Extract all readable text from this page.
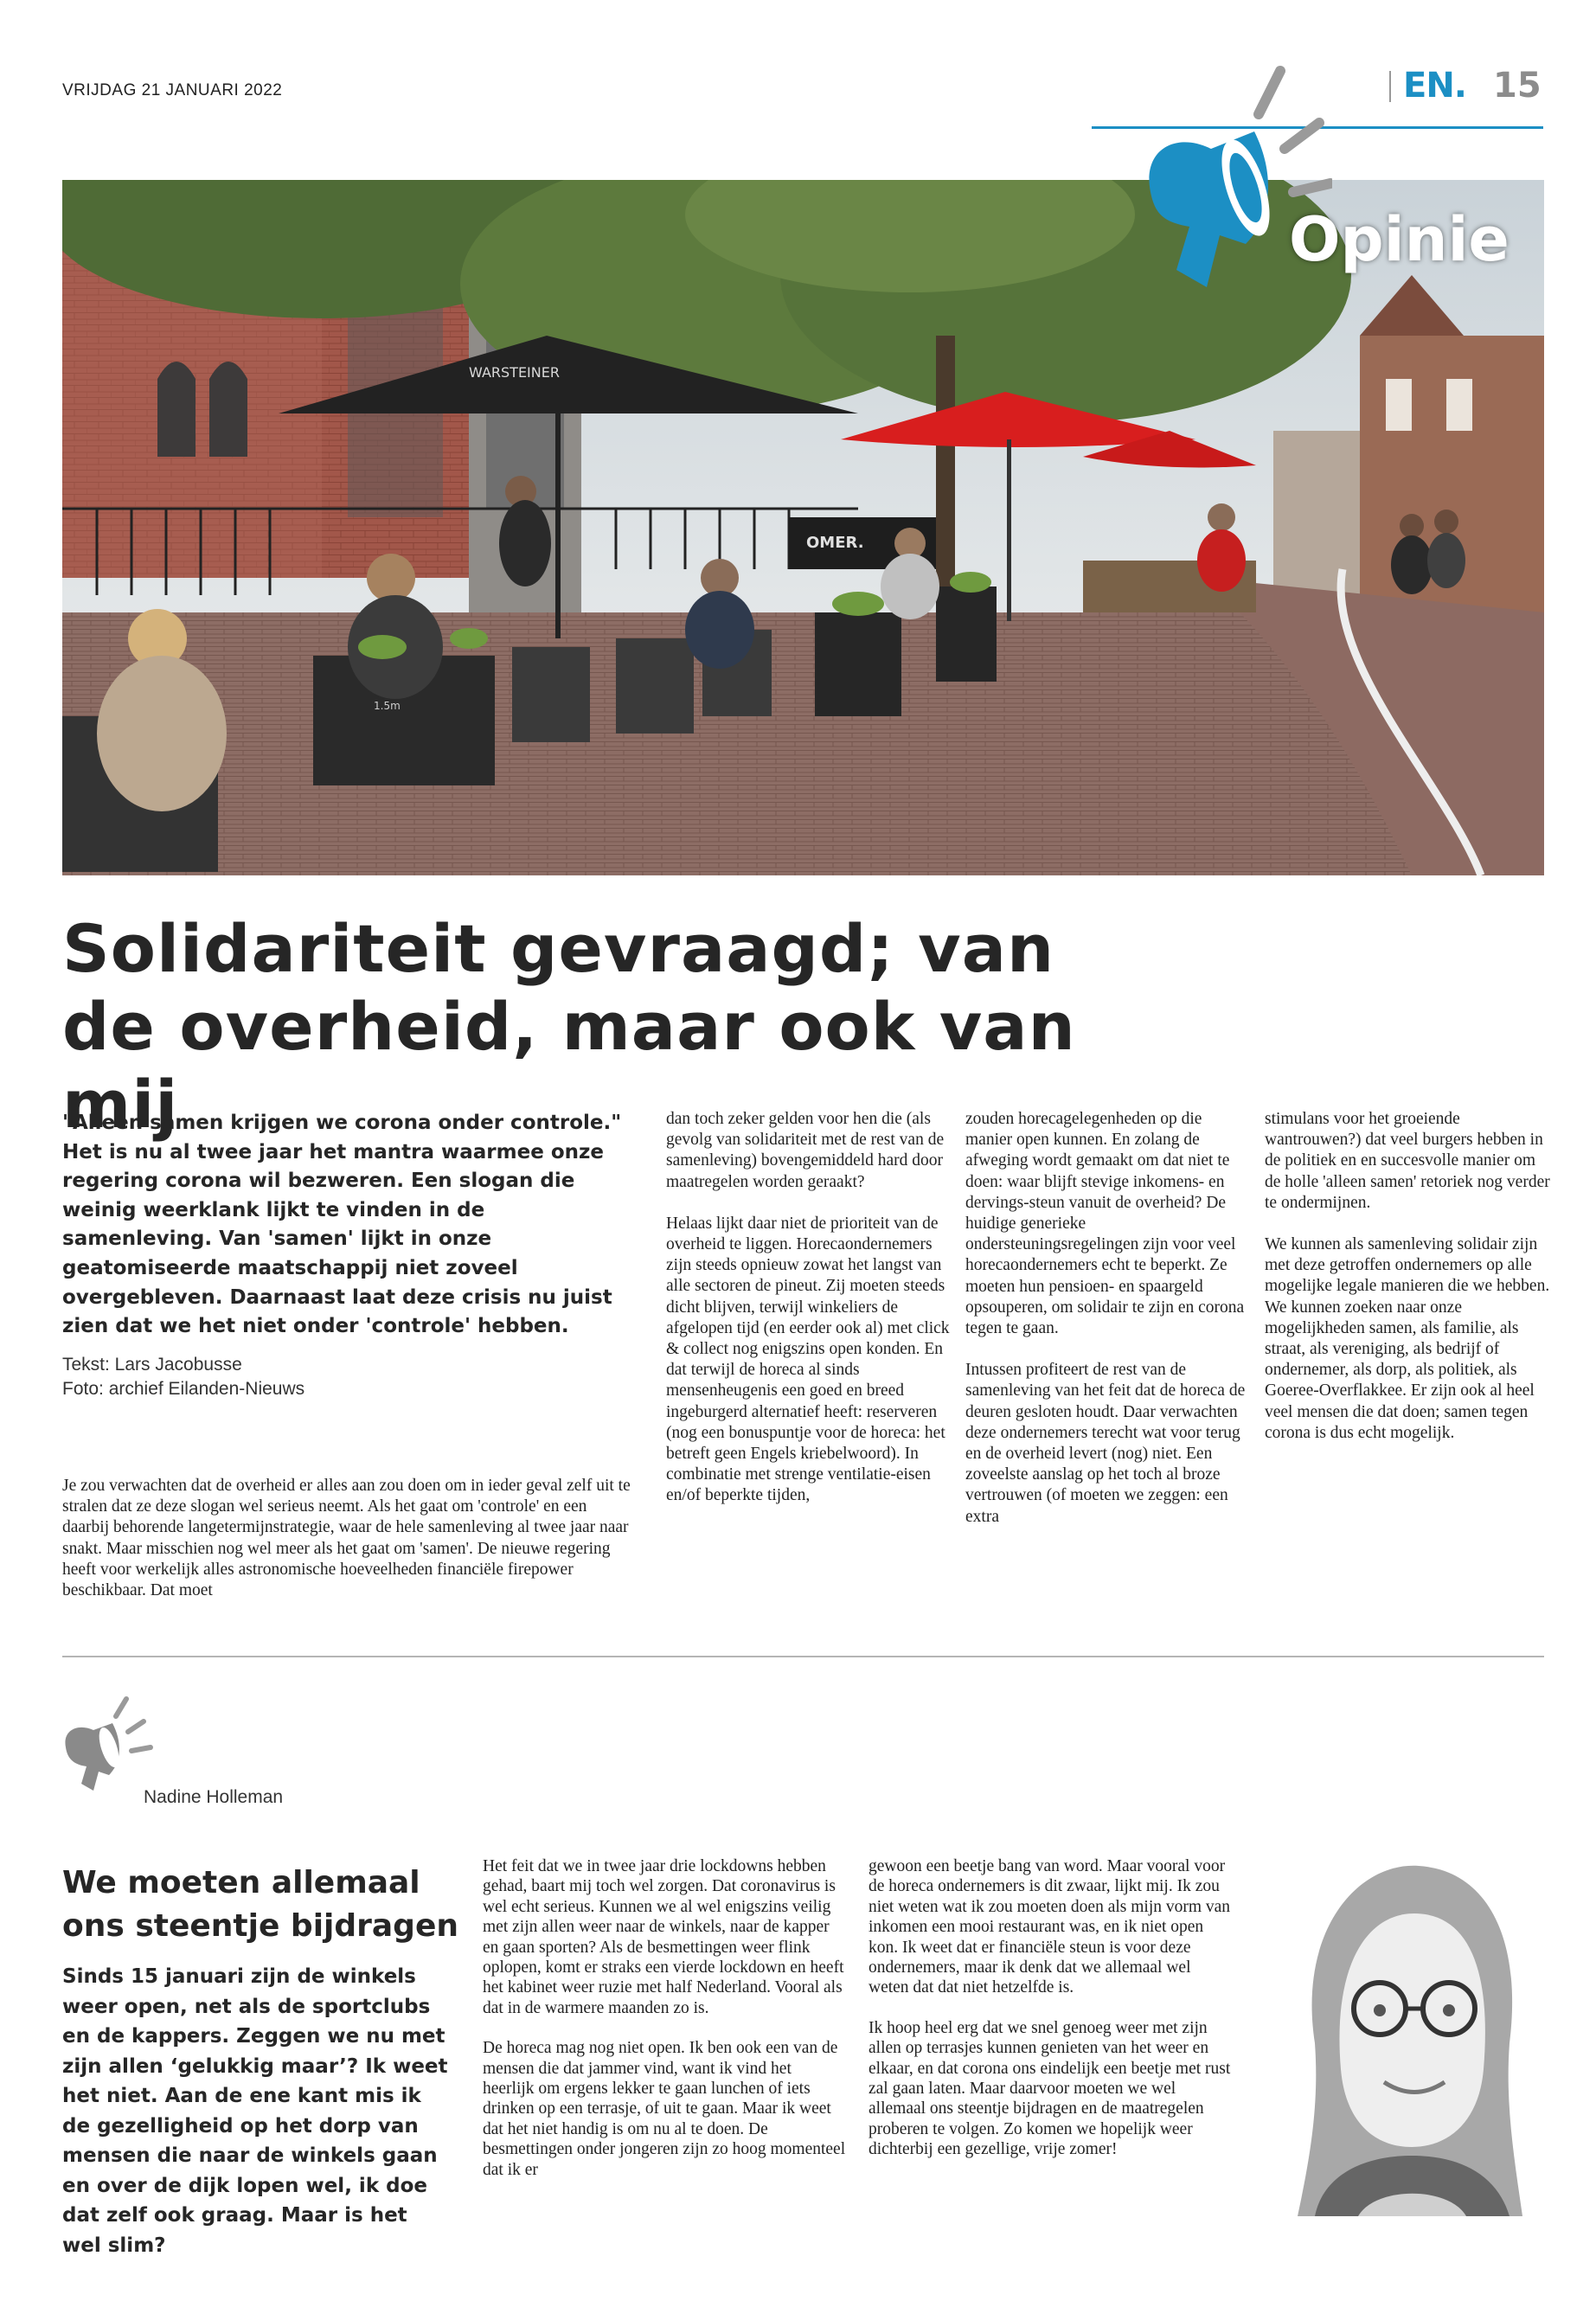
VRIJDAG 21 JANUARI 2022	EN. 15
WARSTEINER
1.5m
OMER.
Opinie
Solidariteit gevraagd; van de overheid, maar ook van mij
"Alleen samen krijgen we corona onder controle." Het is nu al twee jaar het mantra waarmee onze regering corona wil bezweren. Een slogan die weinig weerklank lijkt te vinden in de samenleving. Van 'samen' lijkt in onze geatomiseerde maatschappij niet zoveel overgebleven. Daarnaast laat deze crisis nu juist zien dat we het niet onder 'controle' hebben.
Tekst: Lars Jacobusse
Foto: archief Eilanden-Nieuws

Je zou verwachten dat de overheid er alles aan zou doen om in ieder geval zelf uit te stralen dat ze deze slogan wel serieus neemt. Als het gaat om 'controle' en een daarbij behorende langetermijnstrategie, waar de hele samenleving al twee jaar naar snakt. Maar misschien nog wel meer als het gaat om 'samen'. De nieuwe regering heeft voor werkelijk alles astronomische hoeveelheden financiële firepower beschikbaar. Dat moet

dan toch zeker gelden voor hen die (als gevolg van solidariteit met de rest van de samenleving) bovengemiddeld hard door maatregelen worden geraakt?

Helaas lijkt daar niet de prioriteit van de overheid te liggen. Horecaondernemers zijn steeds opnieuw zowat het langst van alle sectoren de pineut. Zij moeten steeds dicht blijven, terwijl winkeliers de afgelopen tijd (en eerder ook al) met click & collect nog enigszins open konden. En dat terwijl de horeca al sinds mensenheugenis een goed en breed ingeburgerd alternatief heeft: reserveren (nog een bonuspuntje voor de horeca: het betreft geen Engels kriebelwoord). In combinatie met strenge ventilatie-eisen en/of beperkte tijden,

zouden horecagelegenheden op die manier open kunnen. En zolang de afweging wordt gemaakt om dat niet te doen: waar blijft stevige inkomens- en dervings-steun vanuit de overheid? De huidige generieke ondersteuningsregelingen zijn voor veel horecaondernemers echt te beperkt. Ze moeten hun pensioen- en spaargeld opsouperen, om solidair te zijn en corona tegen te gaan.

Intussen profiteert de rest van de samenleving van het feit dat de horeca de deuren gesloten houdt. Daar verwachten deze ondernemers terecht wat voor terug en de overheid levert (nog) niet. Een zoveelste aanslag op het toch al broze vertrouwen (of moeten we zeggen: een extra

stimulans voor het groeiende wantrouwen?) dat veel burgers hebben in de politiek en en succesvolle manier om de holle 'alleen samen' retoriek nog verder te ondermijnen.

We kunnen als samenleving solidair zijn met deze getroffen ondernemers op alle mogelijke legale manieren die we hebben. We kunnen zoeken naar onze mogelijkheden samen, als familie, als straat, als vereniging, als bedrijf of ondernemer, als dorp, als politiek, als Goeree-Overflakkee. Er zijn ook al heel veel mensen die dat doen; samen tegen corona is dus echt mogelijk.

Nadine Holleman
We moeten allemaal ons steentje bijdragen
Sinds 15 januari zijn de winkels weer open, net als de sportclubs en de kappers. Zeggen we nu met zijn allen ‘gelukkig maar’? Ik weet het niet. Aan de ene kant mis ik de gezelligheid op het dorp van mensen die naar de winkels gaan en over de dijk lopen wel, ik doe dat zelf ook graag. Maar is het wel slim?

Het feit dat we in twee jaar drie lockdowns hebben gehad, baart mij toch wel zorgen. Dat coronavirus is wel echt serieus. Kunnen we al wel enigszins veilig met zijn allen weer naar de winkels, naar de kapper en gaan sporten? Als de besmettingen weer flink oplopen, komt er straks een vierde lockdown en heeft het kabinet weer ruzie met half Nederland. Vooral als dat in de warmere maanden zo is.

De horeca mag nog niet open. Ik ben ook een van de mensen die dat jammer vind, want ik vind het heerlijk om ergens lekker te gaan lunchen of iets drinken op een terrasje, of uit te gaan. Maar ik weet dat het niet handig is om nu al te doen. De besmettingen onder jongeren zijn zo hoog momenteel dat ik er

gewoon een beetje bang van word. Maar vooral voor de horeca ondernemers is dit zwaar, lijkt mij. Ik zou niet weten wat ik zou moeten doen als mijn vorm van inkomen een mooi restaurant was, en ik niet open kon. Ik weet dat er financiële steun is voor deze ondernemers, maar ik denk dat we allemaal wel weten dat dat niet hetzelfde is.

Ik hoop heel erg dat we snel genoeg weer met zijn allen op terrasjes kunnen genieten van het weer en elkaar, en dat corona ons eindelijk een beetje met rust zal gaan laten. Maar daarvoor moeten we wel allemaal ons steentje bijdragen en de maatregelen proberen te volgen. Zo komen we hopelijk weer dichterbij een gezellige, vrije zomer!
